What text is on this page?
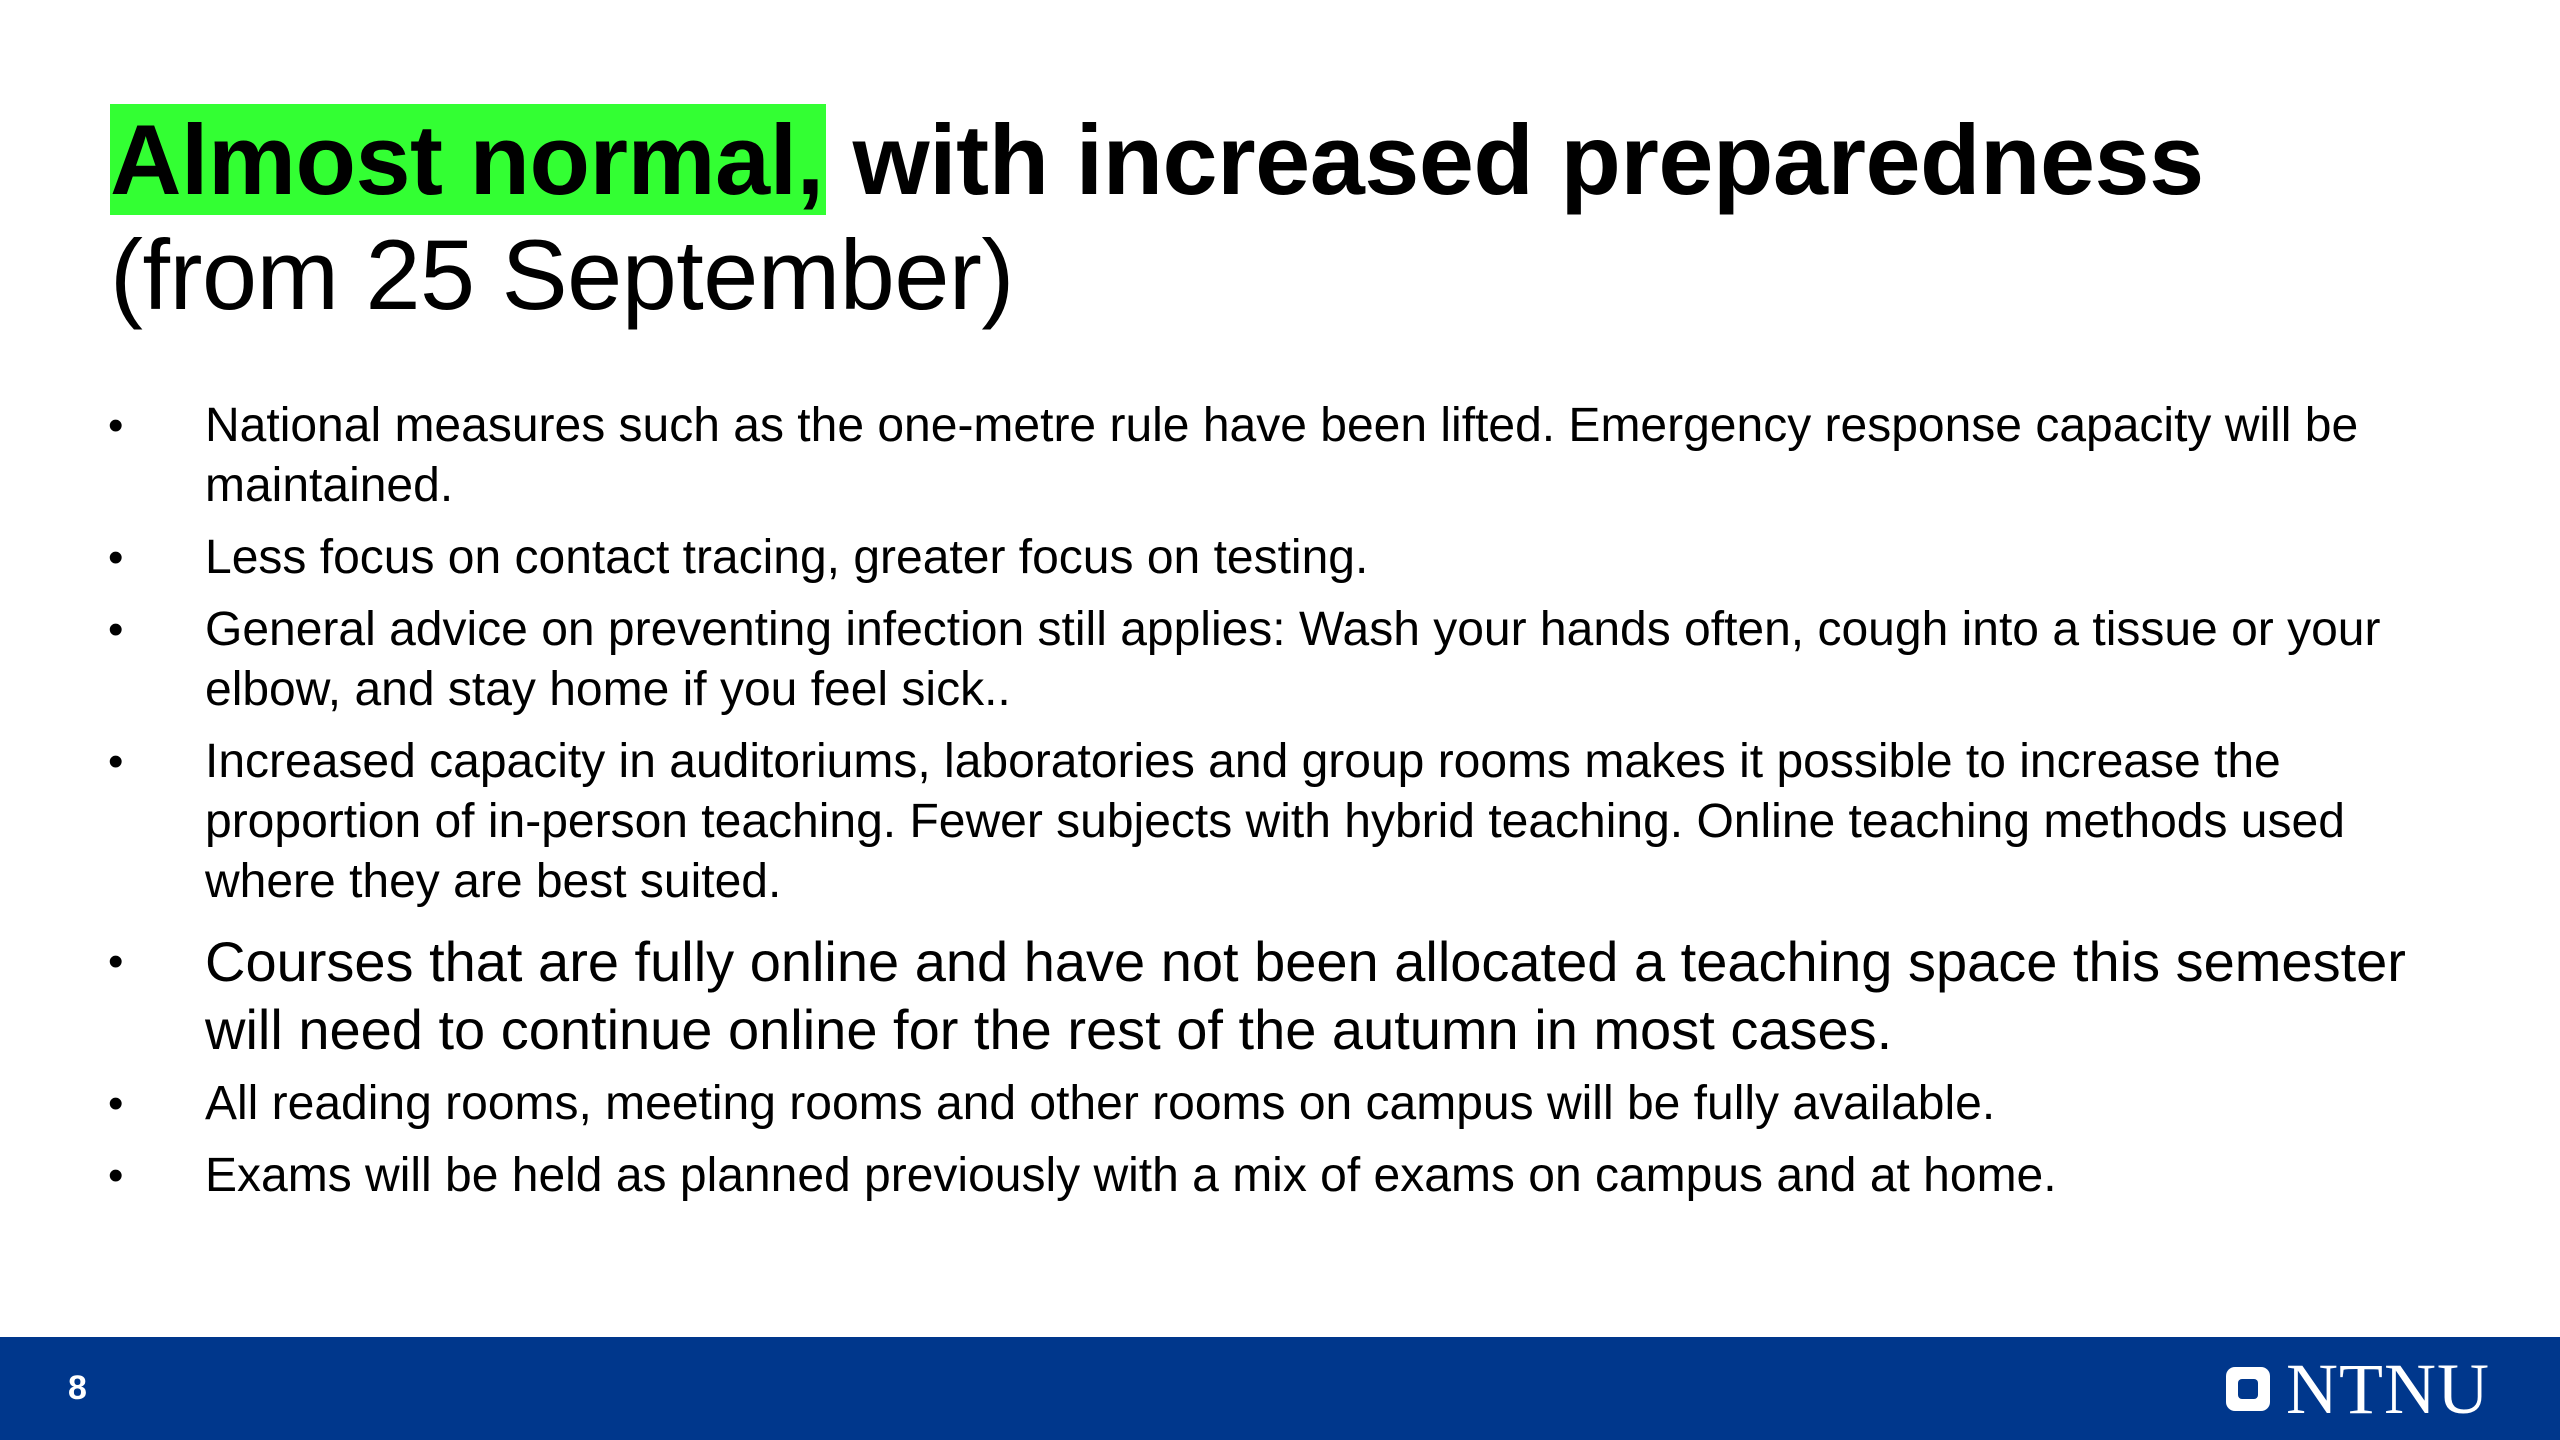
Almost normal, with increased preparedness
(from 25 September)
• National measures such as the one-metre rule have been lifted. Emergency response capacity will be maintained.
• Less focus on contact tracing, greater focus on testing.
• General advice on preventing infection still applies: Wash your hands often, cough into a tissue or your elbow, and stay home if you feel sick..
• Increased capacity in auditoriums, laboratories and group rooms makes it possible to increase the proportion of in-person teaching. Fewer subjects with hybrid teaching. Online teaching methods used where they are best suited.
• Courses that are fully online and have not been allocated a teaching space this semester will need to continue online for the rest of the autumn in most cases.
• All reading rooms, meeting rooms and other rooms on campus will be fully available.
• Exams will be held as planned previously with a mix of exams on campus and at home.
8	NTNU
